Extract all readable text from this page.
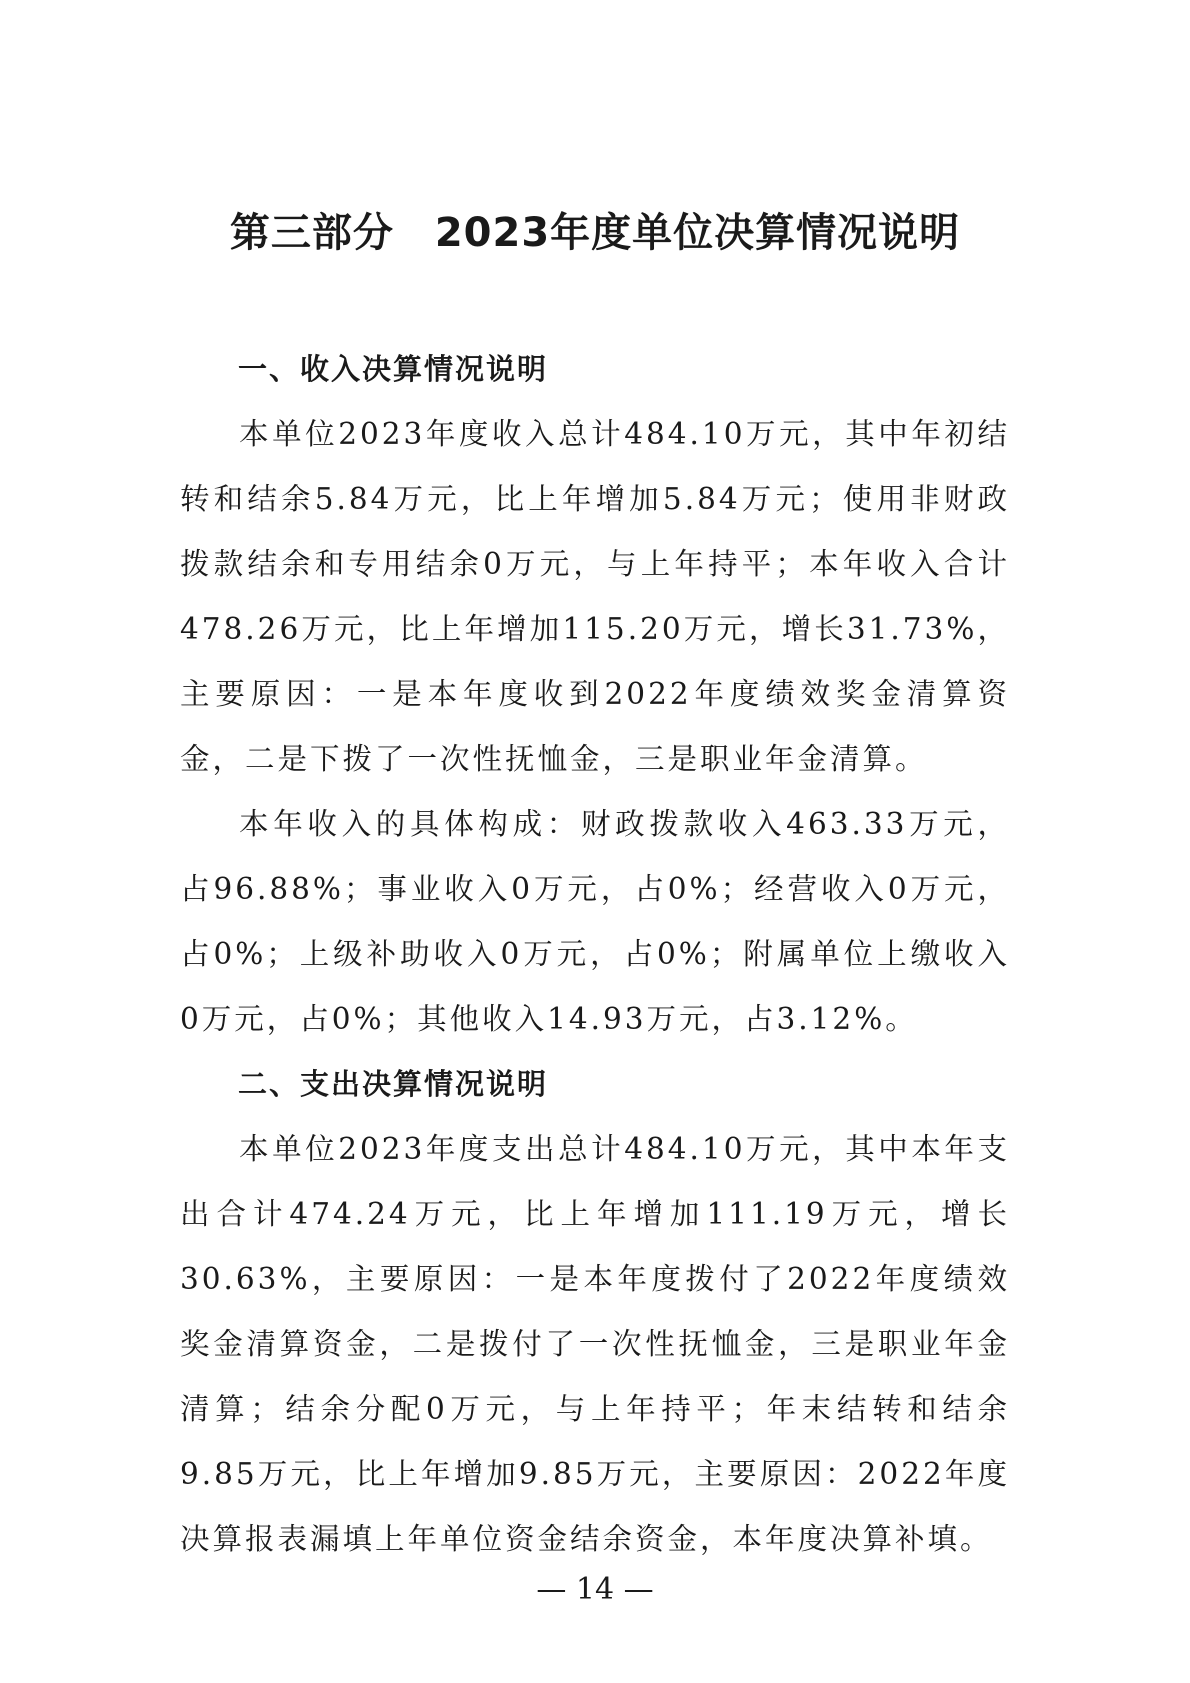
第三部分　2023年度单位决算情况说明

一、收入决算情况说明

本单位2023年度收入总计484.10万元，其中年初结转和结余5.84万元，比上年增加5.84万元；使用非财政拨款结余和专用结余0万元，与上年持平；本年收入合计478.26万元，比上年增加115.20万元，增长31.73%，主要原因：一是本年度收到2022年度绩效奖金清算资金，二是下拨了一次性抚恤金，三是职业年金清算。

本年收入的具体构成：财政拨款收入463.33万元，占96.88%；事业收入0万元，占0%；经营收入0万元，占0%；上级补助收入0万元，占0%；附属单位上缴收入0万元，占0%；其他收入14.93万元，占3.12%。

二、支出决算情况说明

本单位2023年度支出总计484.10万元，其中本年支出合计474.24万元，比上年增加111.19万元，增长30.63%，主要原因：一是本年度拨付了2022年度绩效奖金清算资金，二是拨付了一次性抚恤金，三是职业年金清算；结余分配0万元，与上年持平；年末结转和结余9.85万元，比上年增加9.85万元，主要原因：2022年度决算报表漏填上年单位资金结余资金，本年度决算补填。

— 14 —
